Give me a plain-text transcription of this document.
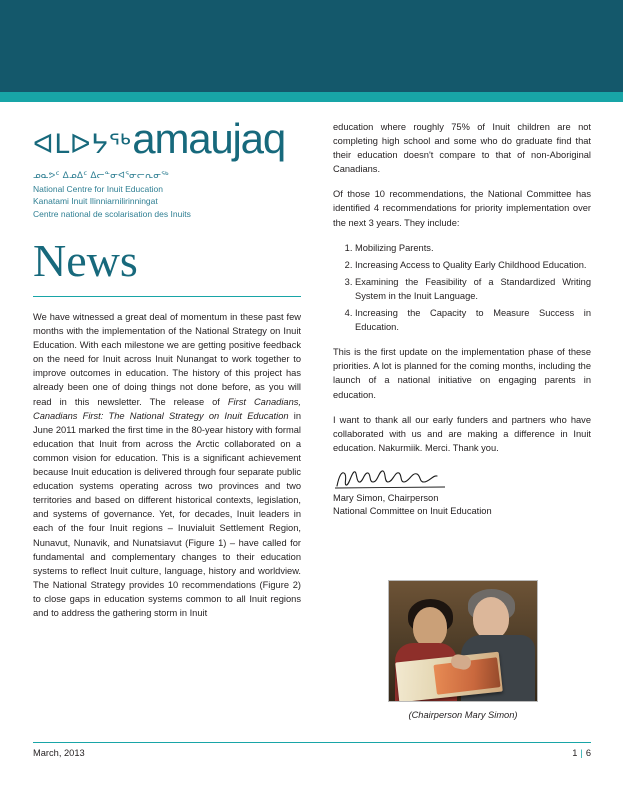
ᐊᒪᐅᔭᖅ amaujaq
ᓄᓇᕗᑦ ᐃᓄᐃᑦ ᐃᓕᓐᓂᐊᕐᓂᓕᕆᓂᖅ
National Centre for Inuit Education
Kanatami Inuit Ilinniarnilirinningat
Centre national de scolarisation des Inuits
News

We have witnessed a great deal of momentum in these past few months with the implementation of the National Strategy on Inuit Education. With each milestone we are getting positive feedback on the need for Inuit across Inuit Nunangat to work together to improve outcomes in education. The history of this project has already been one of doing things not done before, as you will read in this newsletter. The release of First Canadians, Canadians First: The National Strategy on Inuit Education in June 2011 marked the first time in the 80-year history with formal education that Inuit from across the Arctic collaborated on a common vision for education. This is a significant achievement because Inuit education is delivered through four separate public education systems operating across two provinces and two territories and based on different historical contexts, legislation, and systems of governance. Yet, for decades, Inuit leaders in each of the four Inuit regions – Inuvialuit Settlement Region, Nunavut, Nunavik, and Nunatsiavut (Figure 1) – have called for fundamental and complementary changes to their education systems to reflect Inuit culture, language, history and worldview. The National Strategy provides 10 recommendations (Figure 2) to close gaps in education systems common to all Inuit regions and to address the gathering storm in Inuit

education where roughly 75% of Inuit children are not completing high school and some who do graduate find that their education doesn't compare to that of non-Aboriginal Canadians.

Of those 10 recommendations, the National Committee has identified 4 recommendations for priority implementation over the next 3 years. They include:

1. Mobilizing Parents.
2. Increasing Access to Quality Early Childhood Education.
3. Examining the Feasibility of a Standardized Writing System in the Inuit Language.
4. Increasing the Capacity to Measure Success in Education.

This is the first update on the implementation phase of these priorities. A lot is planned for the coming months, including the launch of a national initiative on engaging parents in education.

I want to thank all our early funders and partners who have collaborated with us and are making a difference in Inuit education. Nakurmiik. Merci. Thank you.

Mary Simon, Chairperson
National Committee on Inuit Education
(Chairperson Mary Simon)
March, 2013	1 | 6
